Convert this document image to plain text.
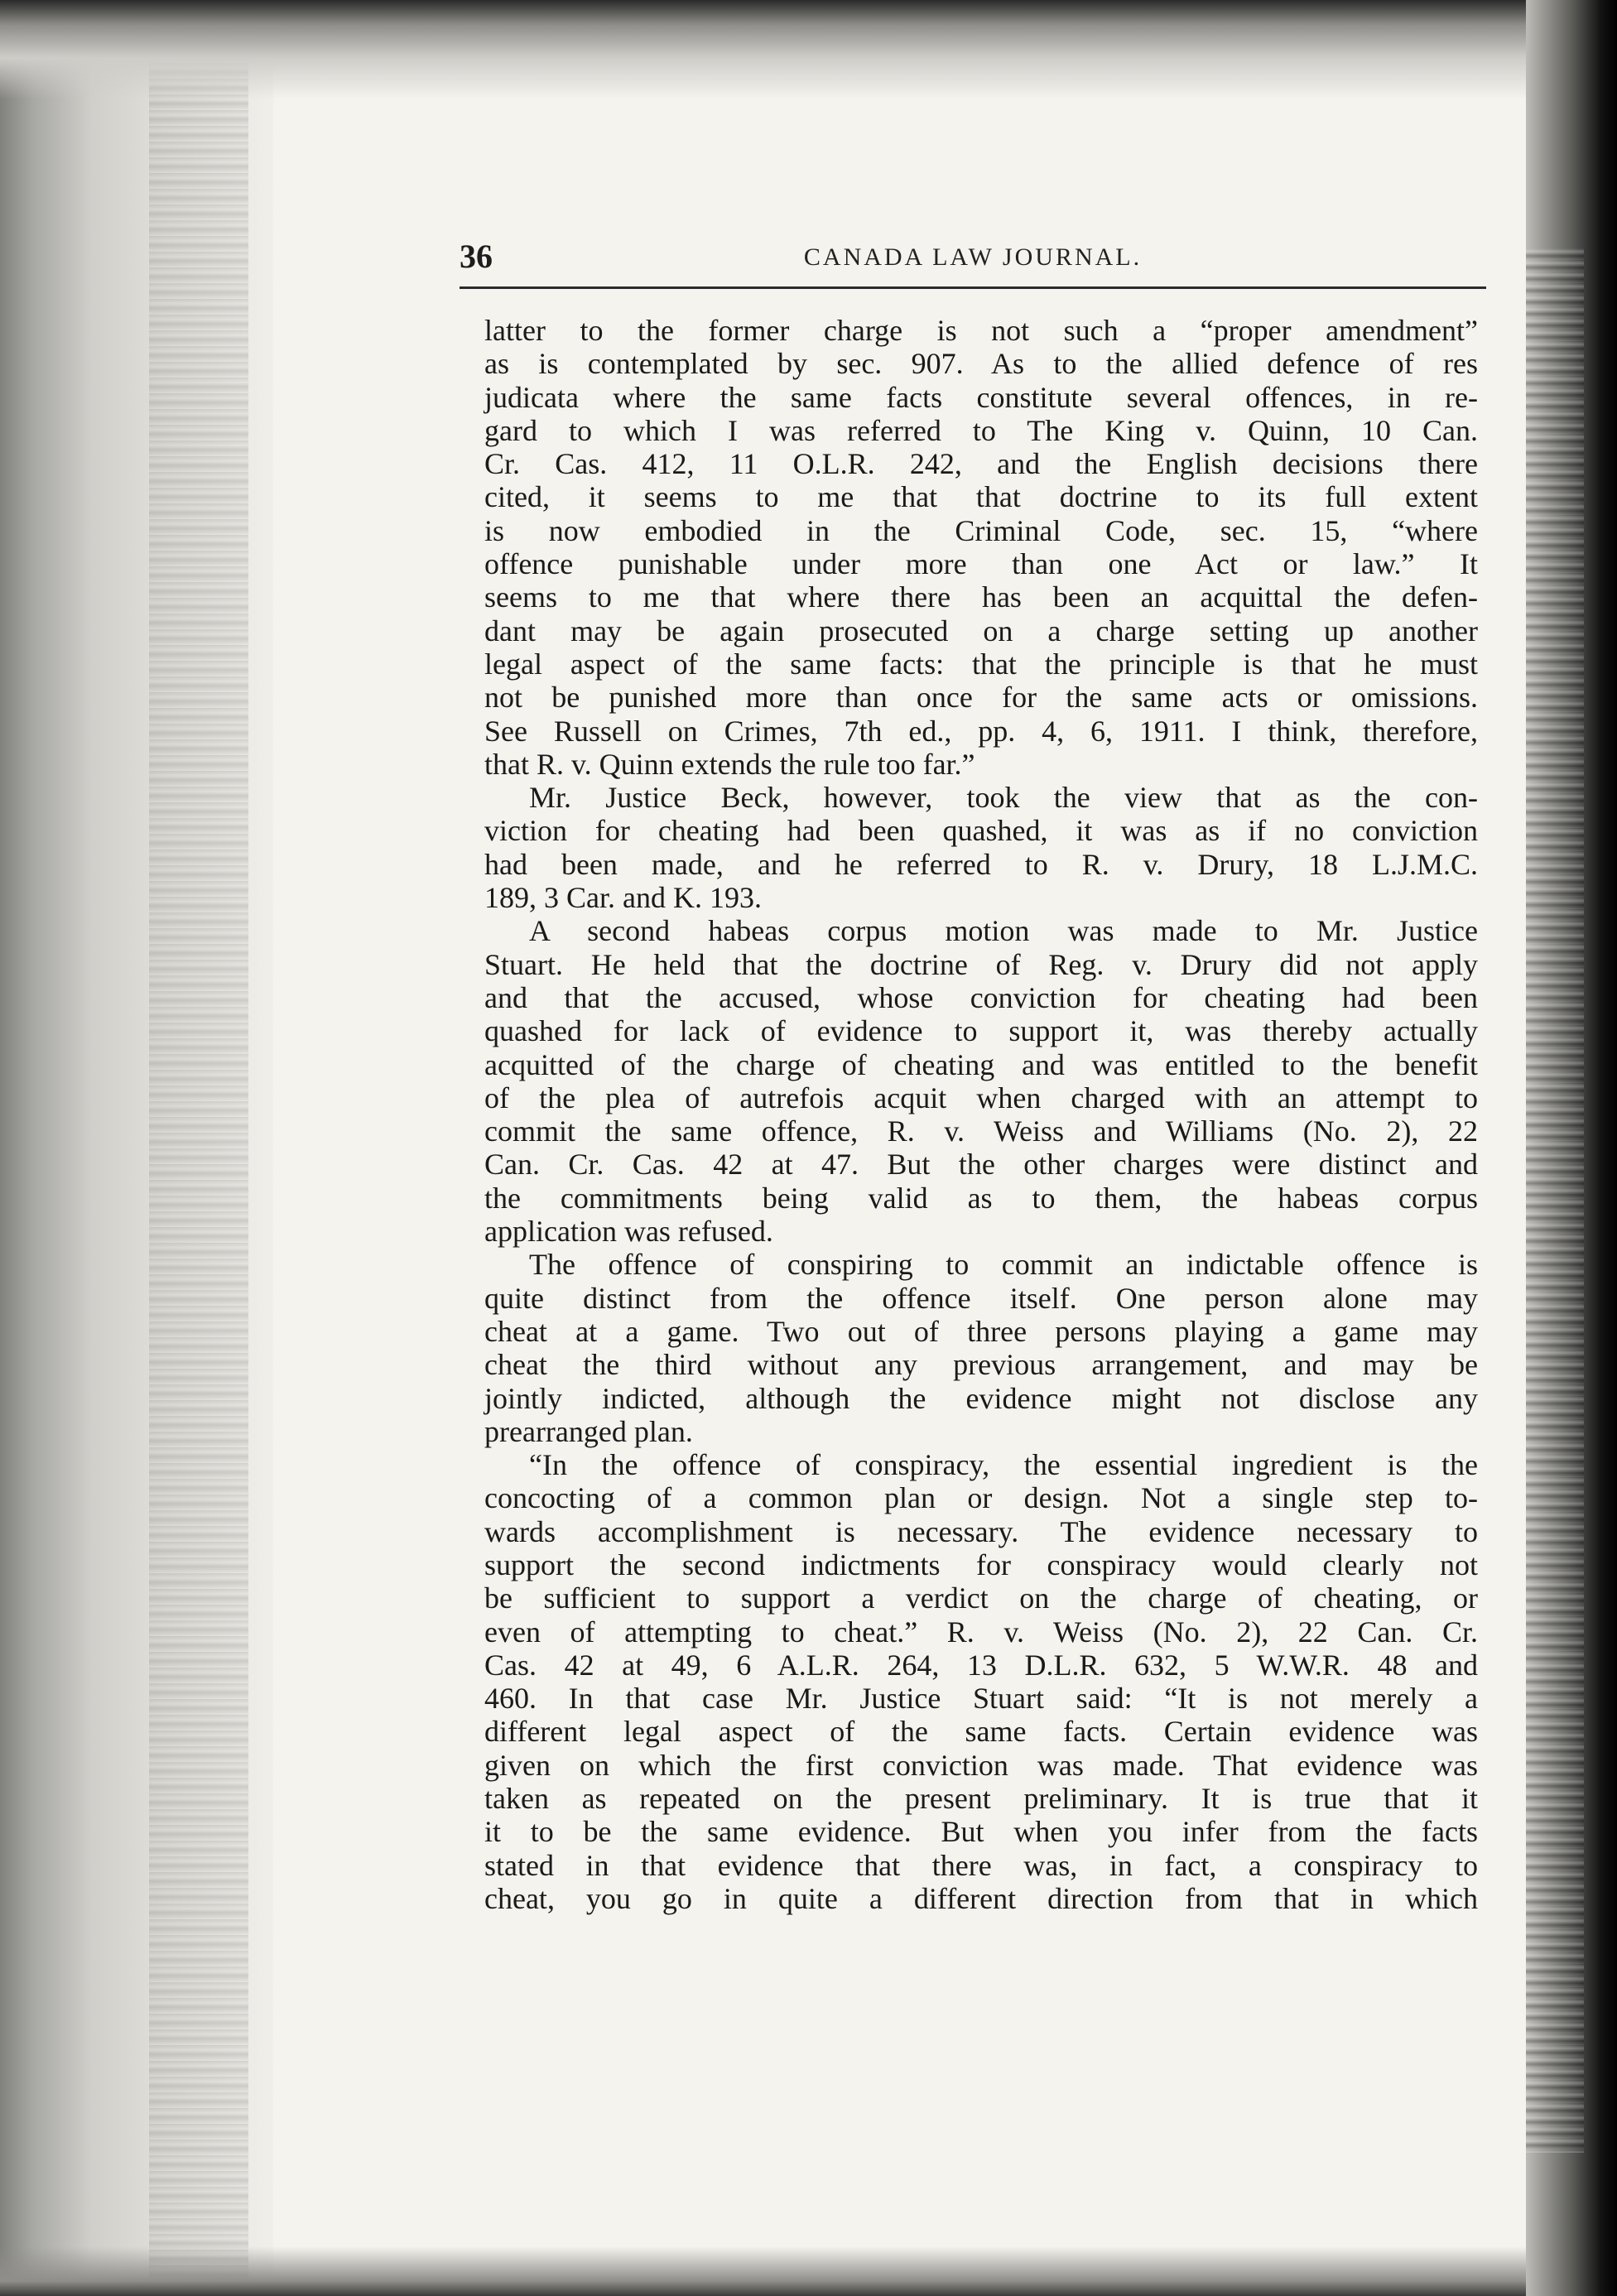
36	CANADA LAW JOURNAL.
latter to the former charge is not such a “proper amendment”
as is contemplated by sec. 907. As to the allied defence of res
judicata where the same facts constitute several offences, in re-
gard to which I was referred to The King v. Quinn, 10 Can.
Cr. Cas. 412, 11 O.L.R. 242, and the English decisions there
cited, it seems to me that that doctrine to its full extent
is now embodied in the Criminal Code, sec. 15, “where
offence punishable under more than one Act or law.” It
seems to me that where there has been an acquittal the defen-
dant may be again prosecuted on a charge setting up another
legal aspect of the same facts: that the principle is that he must
not be punished more than once for the same acts or omissions.
See Russell on Crimes, 7th ed., pp. 4, 6, 1911. I think, therefore,
that R. v. Quinn extends the rule too far.”
Mr. Justice Beck, however, took the view that as the con-
viction for cheating had been quashed, it was as if no conviction
had been made, and he referred to R. v. Drury, 18 L.J.M.C.
189, 3 Car. and K. 193.
A second habeas corpus motion was made to Mr. Justice
Stuart. He held that the doctrine of Reg. v. Drury did not apply
and that the accused, whose conviction for cheating had been
quashed for lack of evidence to support it, was thereby actually
acquitted of the charge of cheating and was entitled to the benefit
of the plea of autrefois acquit when charged with an attempt to
commit the same offence, R. v. Weiss and Williams (No. 2), 22
Can. Cr. Cas. 42 at 47. But the other charges were distinct and
the commitments being valid as to them, the habeas corpus
application was refused.
The offence of conspiring to commit an indictable offence is
quite distinct from the offence itself. One person alone may
cheat at a game. Two out of three persons playing a game may
cheat the third without any previous arrangement, and may be
jointly indicted, although the evidence might not disclose any
prearranged plan.
“In the offence of conspiracy, the essential ingredient is the
concocting of a common plan or design. Not a single step to-
wards accomplishment is necessary. The evidence necessary to
support the second indictments for conspiracy would clearly not
be sufficient to support a verdict on the charge of cheating, or
even of attempting to cheat.” R. v. Weiss (No. 2), 22 Can. Cr.
Cas. 42 at 49, 6 A.L.R. 264, 13 D.L.R. 632, 5 W.W.R. 48 and
460. In that case Mr. Justice Stuart said: “It is not merely a
different legal aspect of the same facts. Certain evidence was
given on which the first conviction was made. That evidence was
taken as repeated on the present preliminary. It is true that it
it to be the same evidence. But when you infer from the facts
stated in that evidence that there was, in fact, a conspiracy to
cheat, you go in quite a different direction from that in which
